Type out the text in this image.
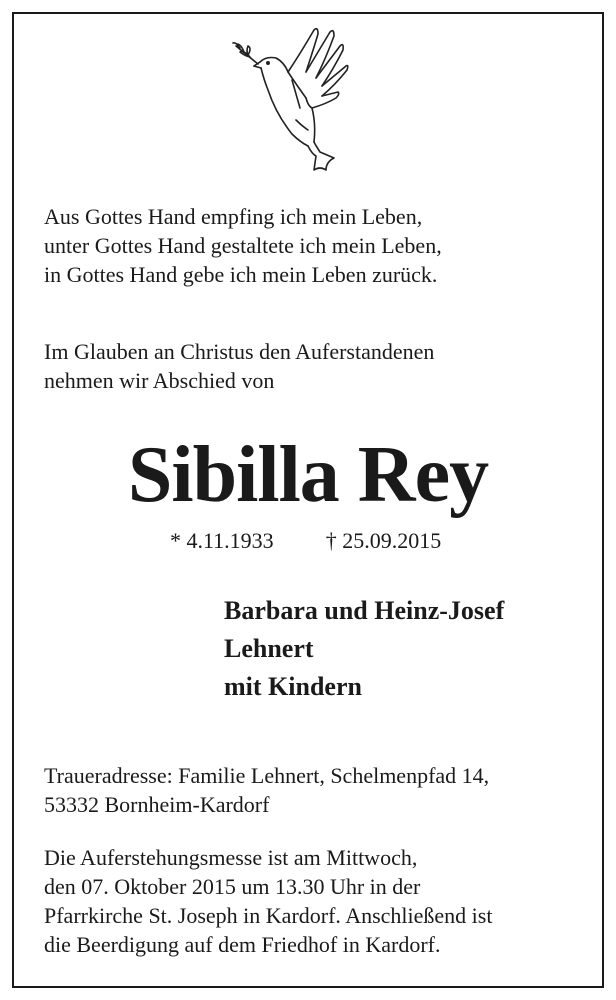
Aus Gottes Hand empfing ich mein Leben,
unter Gottes Hand gestaltete ich mein Leben,
in Gottes Hand gebe ich mein Leben zurück.
Im Glauben an Christus den Auferstandenen
nehmen wir Abschied von
Sibilla Rey
* 4.11.1933 † 25.09.2015
Barbara und Heinz-Josef
Lehnert
mit Kindern
Traueradresse: Familie Lehnert, Schelmenpfad 14,
53332 Bornheim-Kardorf
Die Auferstehungsmesse ist am Mittwoch,
den 07. Oktober 2015 um 13.30 Uhr in der
Pfarrkirche St. Joseph in Kardorf. Anschließend ist
die Beerdigung auf dem Friedhof in Kardorf.
